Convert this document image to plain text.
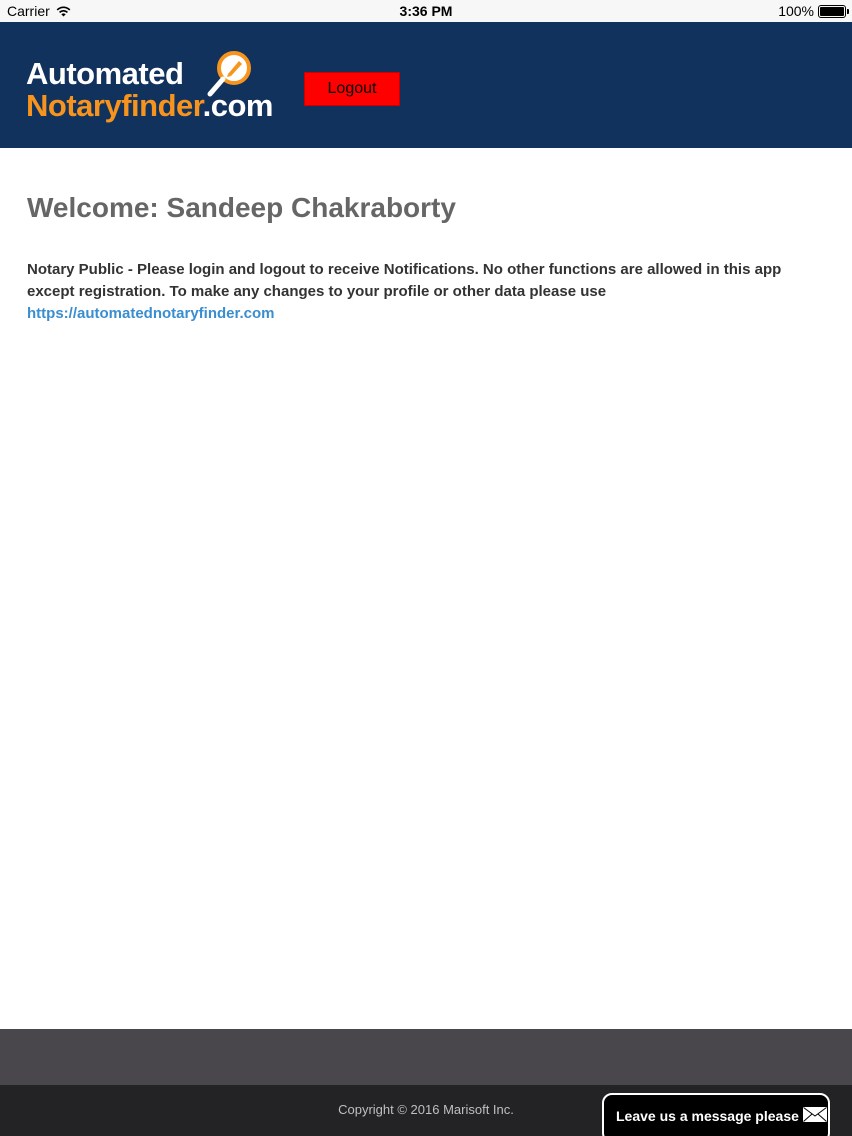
Carrier	3:36 PM	100%
Automated
Notaryfinder.com	Logout
Welcome: Sandeep Chakraborty
Notary Public - Please login and logout to receive Notifications. No other functions are allowed in this app except registration. To make any changes to your profile or other data please use
https://automatednotaryfinder.com
Copyright © 2016 Marisoft Inc.	Leave us a message please
